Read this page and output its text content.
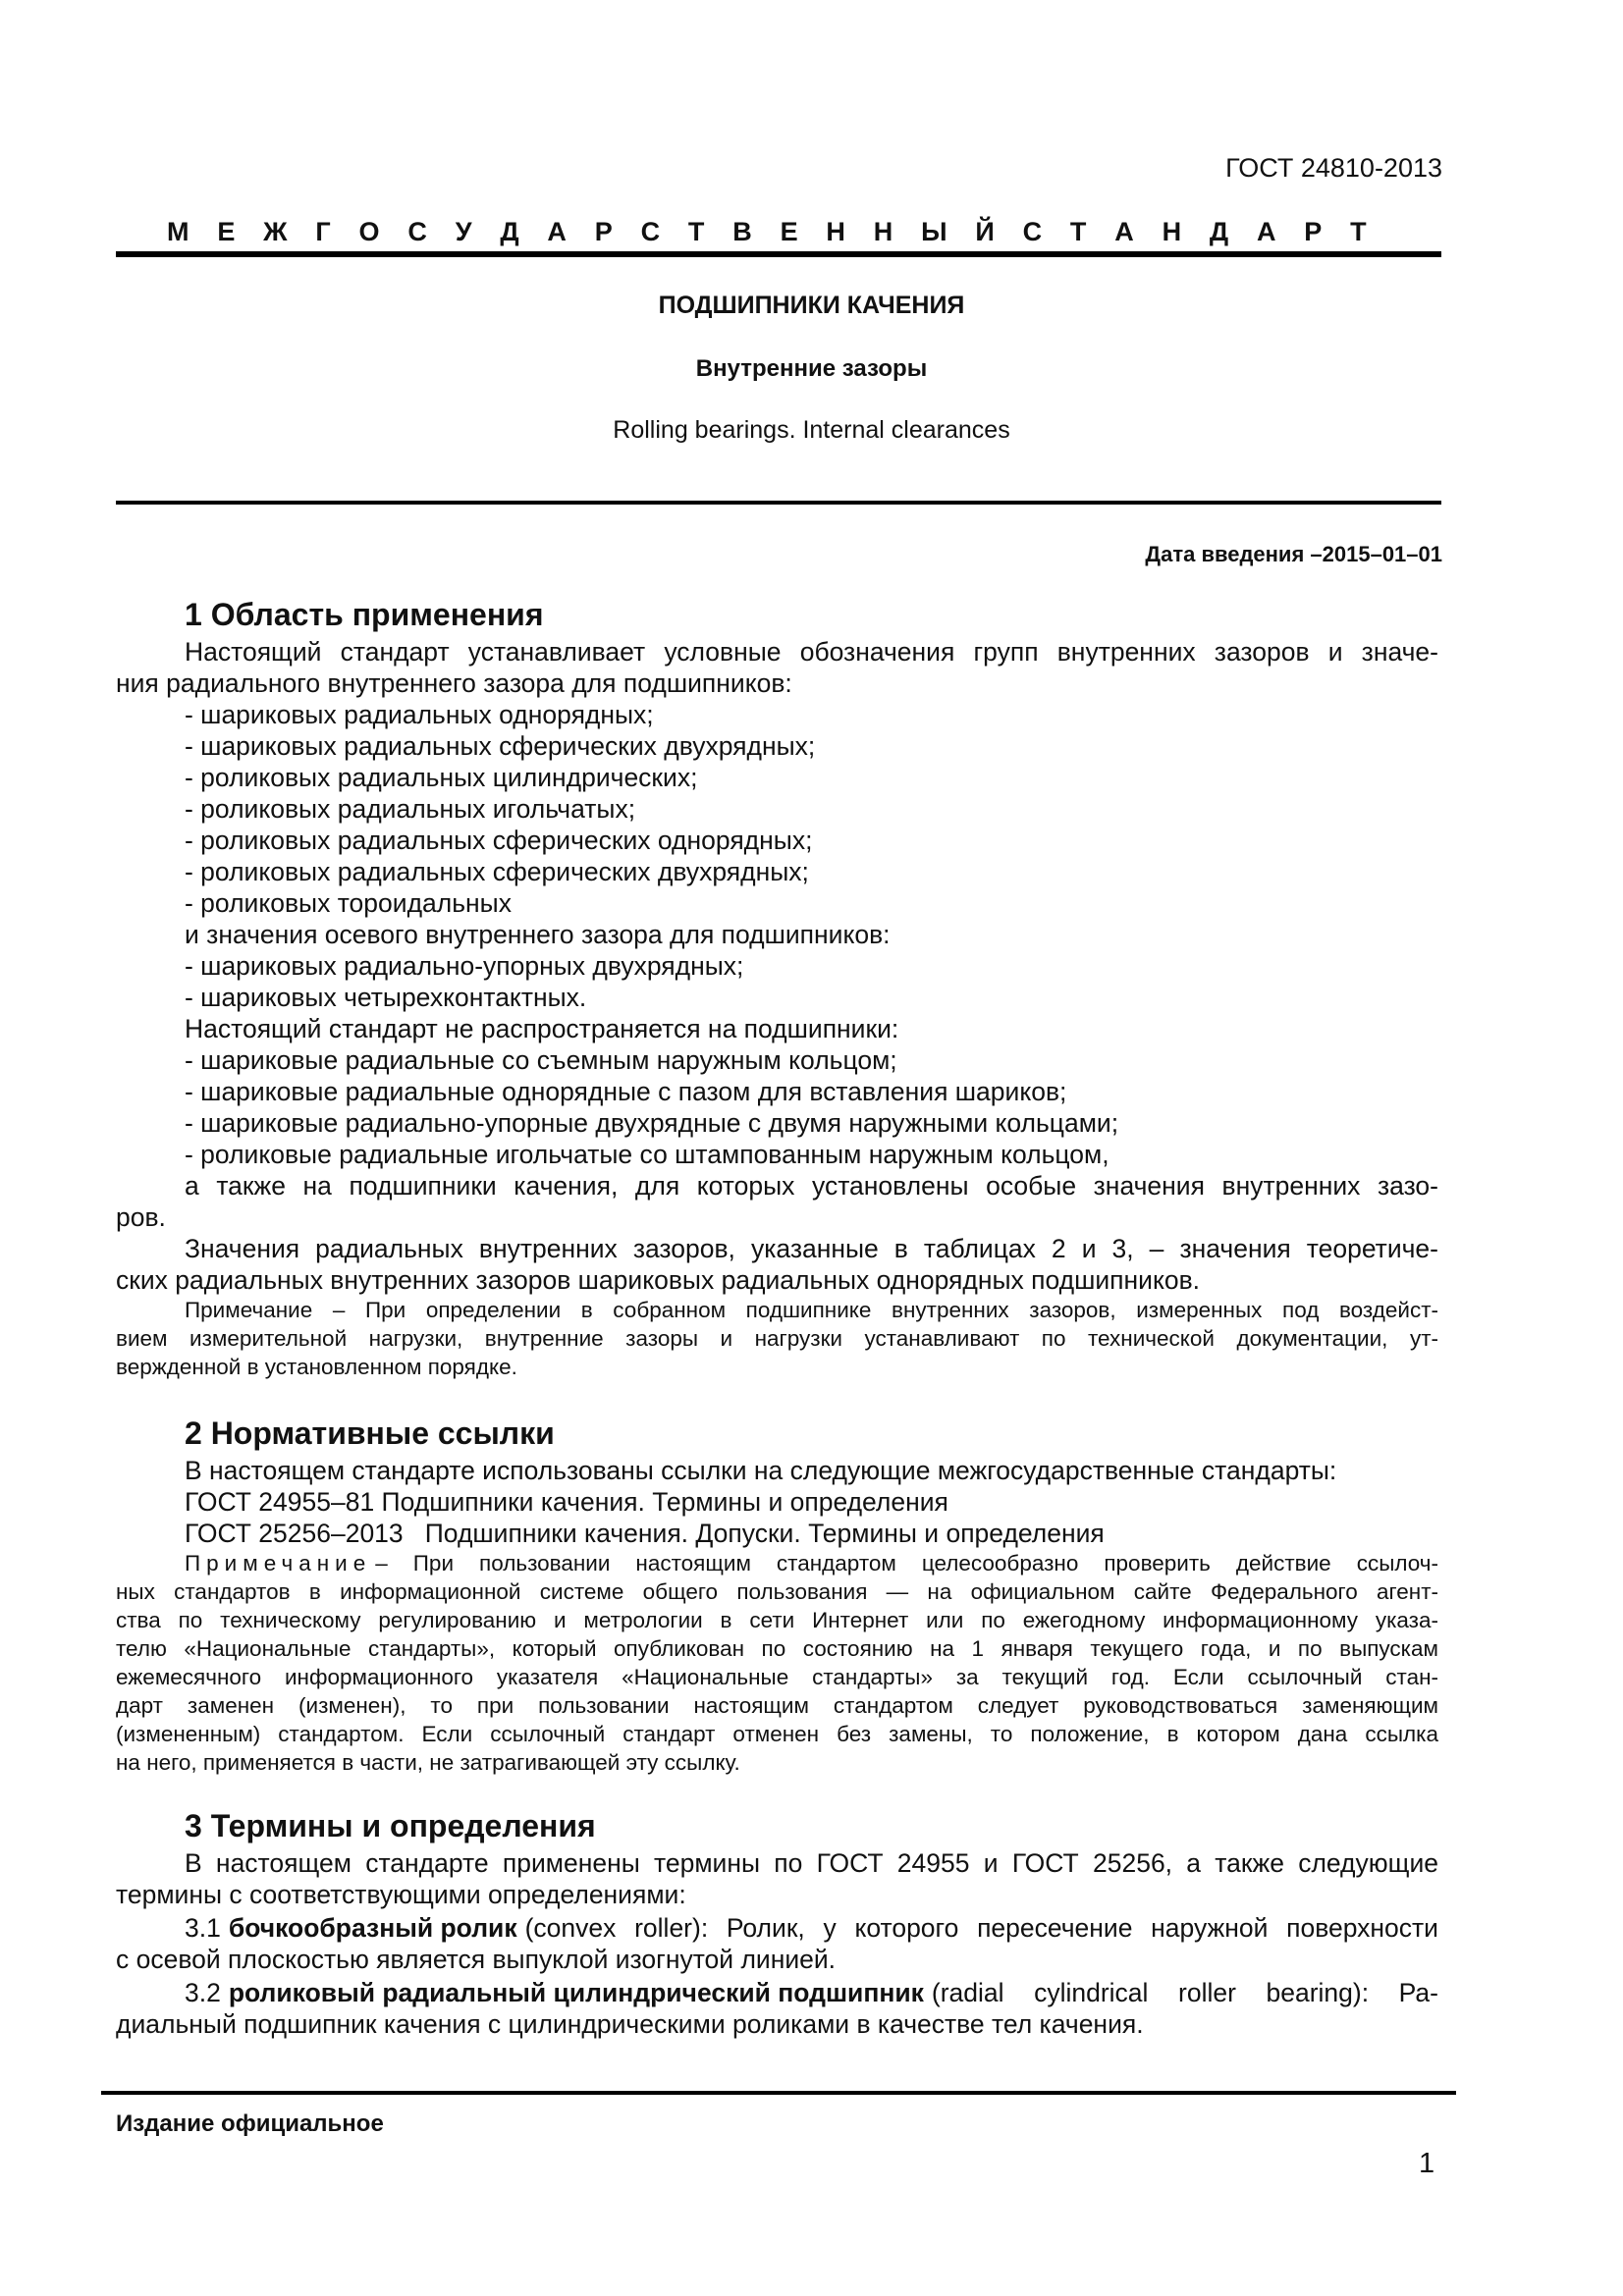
ГОСТ 24810-2013
М Е Ж Г О С У Д А Р С Т В Е Н Н Ы Й С Т А Н Д А Р Т
ПОДШИПНИКИ КАЧЕНИЯ
Внутренние зазоры
Rolling bearings. Internal clearances
Дата введения –2015–01–01
1 Область применения
Настоящий стандарт устанавливает условные обозначения групп внутренних зазоров и значе-
ния радиального внутреннего зазора для подшипников:
- шариковых радиальных однорядных;
- шариковых радиальных сферических двухрядных;
- роликовых радиальных цилиндрических;
- роликовых радиальных игольчатых;
- роликовых радиальных сферических однорядных;
- роликовых радиальных сферических двухрядных;
- роликовых тороидальных
и значения осевого внутреннего зазора для подшипников:
- шариковых радиально-упорных двухрядных;
- шариковых четырехконтактных.
Настоящий стандарт не распространяется на подшипники:
- шариковые радиальные со съемным наружным кольцом;
- шариковые радиальные однорядные с пазом для вставления шариков;
- шариковые радиально-упорные двухрядные с двумя наружными кольцами;
- роликовые радиальные игольчатые со штампованным наружным кольцом,
а также на подшипники качения, для которых установлены особые значения внутренних зазо-
ров.
Значения радиальных внутренних зазоров, указанные в таблицах 2 и 3, – значения теоретиче-
ских радиальных внутренних зазоров шариковых радиальных однорядных подшипников.
Примечание – При определении в собранном подшипнике внутренних зазоров, измеренных под воздейст-
вием измерительной нагрузки, внутренние зазоры и нагрузки устанавливают по технической документации, ут-
вержденной в установленном порядке.
2 Нормативные ссылки
В настоящем стандарте использованы ссылки на следующие межгосударственные стандарты:
ГОСТ 24955–81 Подшипники качения. Термины и определения
ГОСТ 25256–2013   Подшипники качения. Допуски. Термины и определения
Примечание – При пользовании настоящим стандартом целесообразно проверить действие ссылоч-
ных стандартов в информационной системе общего пользования — на официальном сайте Федерального агент-
ства по техническому регулированию и метрологии в сети Интернет или по ежегодному информационному указа-
телю «Национальные стандарты», который опубликован по состоянию на 1 января текущего года, и по выпускам
ежемесячного информационного указателя «Национальные стандарты» за текущий год. Если ссылочный стан-
дарт заменен (изменен), то при пользовании настоящим стандартом следует руководствоваться заменяющим
(измененным) стандартом. Если ссылочный стандарт отменен без замены, то положение, в котором дана ссылка
на него, применяется в части, не затрагивающей эту ссылку.
3 Термины и определения
В настоящем стандарте применены термины по ГОСТ 24955 и ГОСТ 25256, а также следующие
термины с соответствующими определениями:
3.1 бочкообразный ролик (convex roller): Ролик, у которого пересечение наружной поверхности
с осевой плоскостью является выпуклой изогнутой линией.
3.2 роликовый радиальный цилиндрический подшипник (radial cylindrical roller bearing): Ра-
диальный подшипник качения с цилиндрическими роликами в качестве тел качения.
Издание официальное
1
